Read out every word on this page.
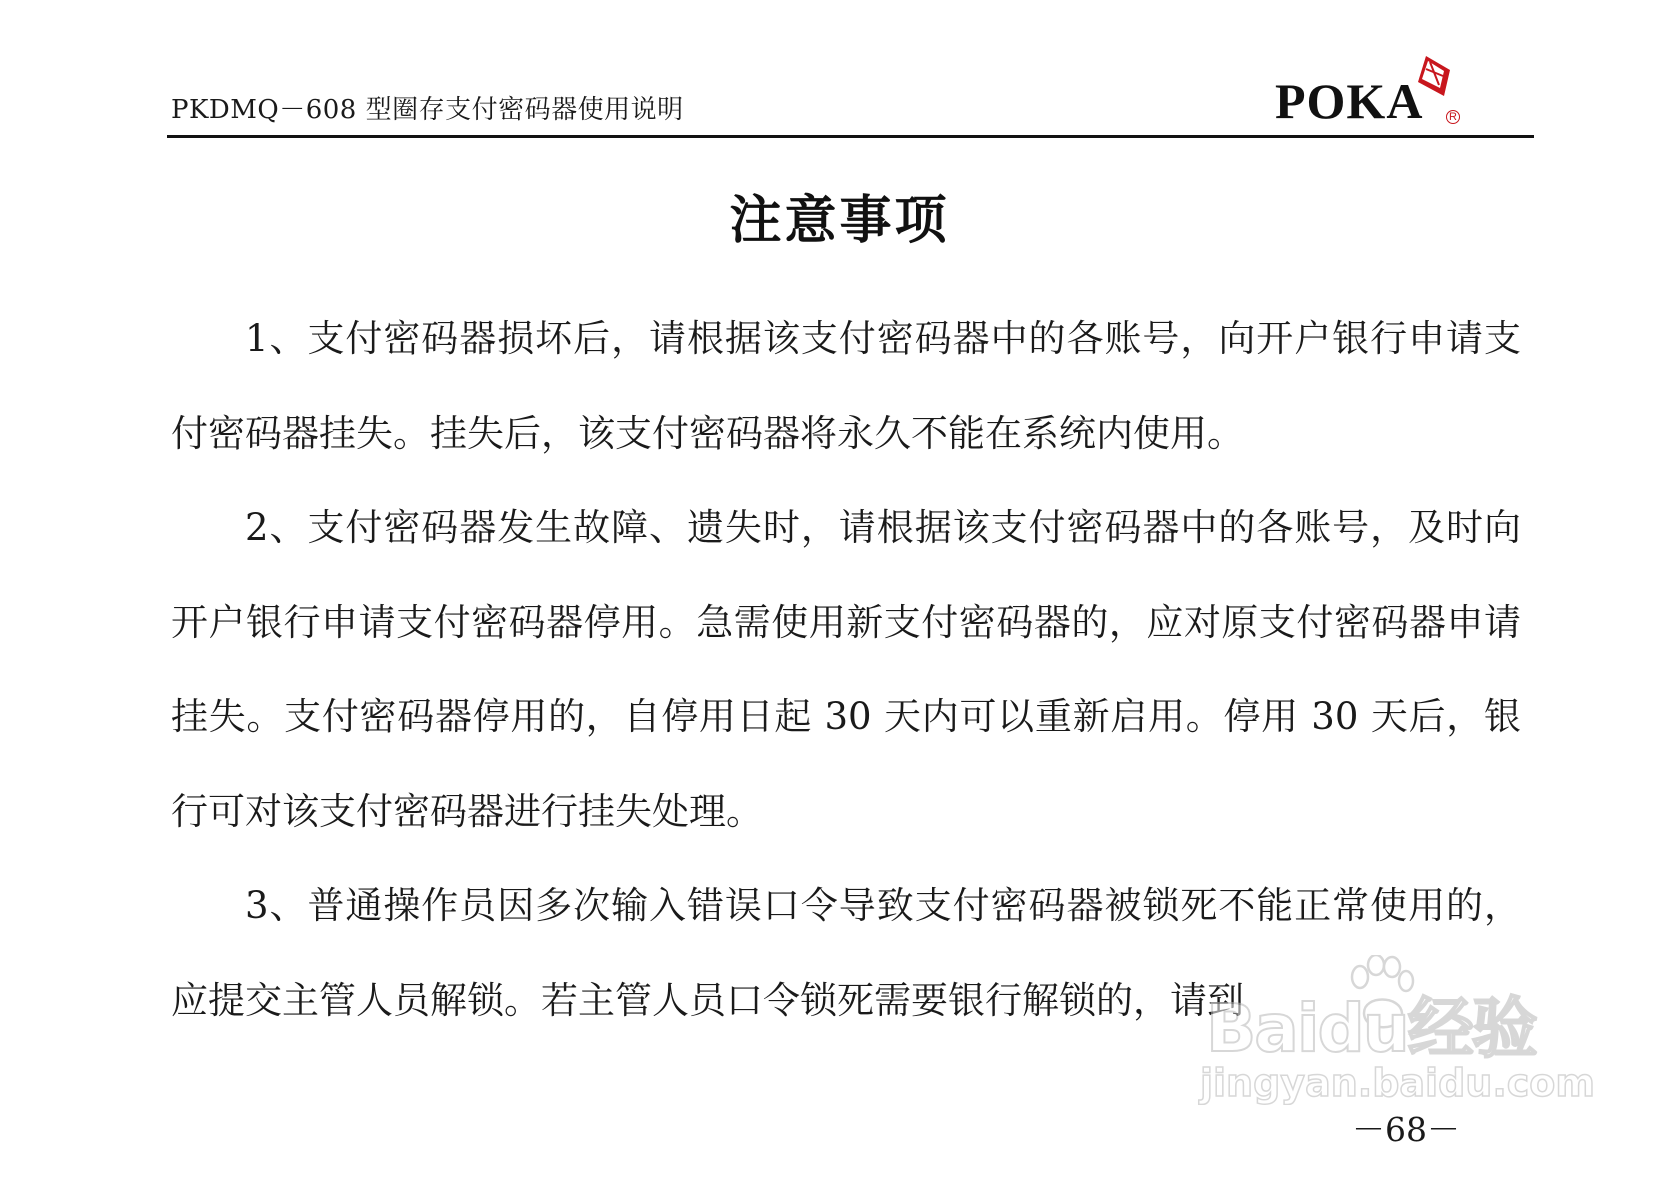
PKDMQ－608 型圈存支付密码器使用说明	POKA R
注意事项

1、支付密码器损坏后，请根据该支付密码器中的各账号，向开户银行申请支付密码器挂失。挂失后，该支付密码器将永久不能在系统内使用。

2、支付密码器发生故障、遗失时，请根据该支付密码器中的各账号，及时向开户银行申请支付密码器停用。急需使用新支付密码器的，应对原支付密码器申请挂失。支付密码器停用的，自停用日起 30 天内可以重新启用。停用 30 天后，银行可对该支付密码器进行挂失处理。

3、普通操作员因多次输入错误口令导致支付密码器被锁死不能正常使用的，应提交主管人员解锁。若主管人员口令锁死需要银行解锁的，请到

Baidu经验
jingyan.baidu.com
－68－
